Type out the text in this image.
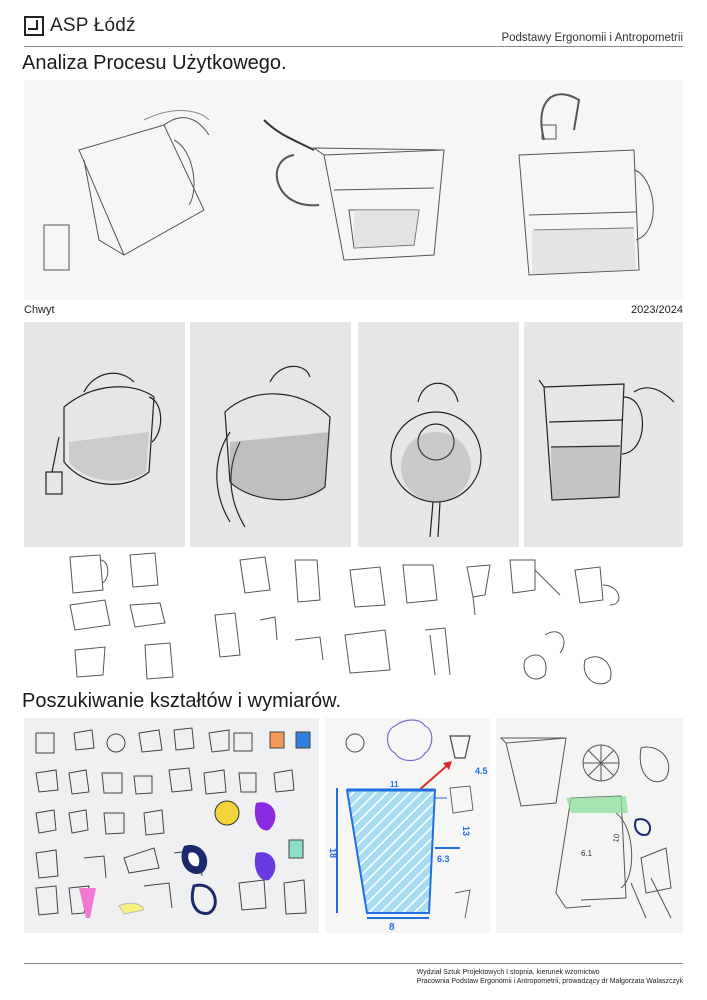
ASP Łódź
Podstawy Ergonomii i Antropometrii
Analiza Procesu Użytkowego.
Chwyt	2023/2024
Poszukiwanie kształtów i wymiarów.
4.5
11
13
18
6.3
8
6.1
10
Wydział Sztuk Projektowych I stopnia, kierunek wzornictwo
Pracownia Podstaw Ergonomii i Antropometrii, prowadzący dr Małgorzata Walaszczyk
